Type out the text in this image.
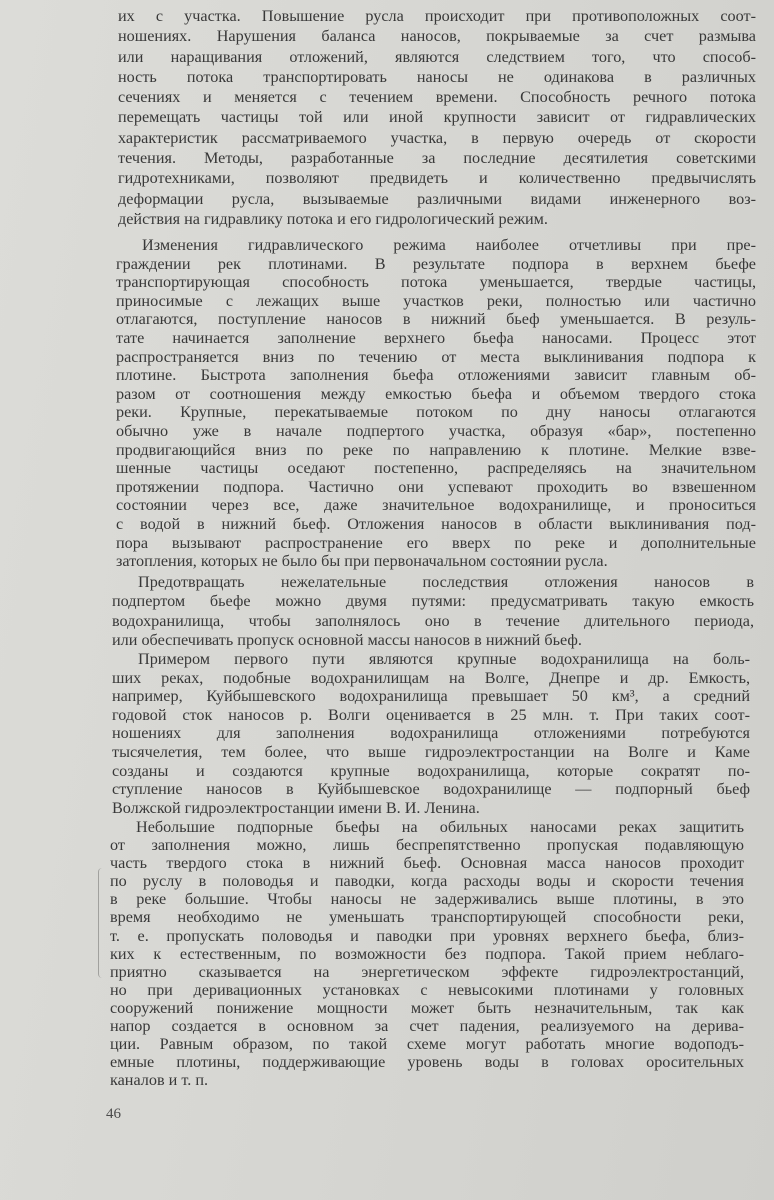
их с участка. Повышение русла происходит при противоположных соот-
ношениях. Нарушения баланса наносов, покрываемые за счет размыва
или наращивания отложений, являются следствием того, что способ-
ность потока транспортировать наносы не одинакова в различных
сечениях и меняется с течением времени. Способность речного потока
перемещать частицы той или иной крупности зависит от гидравлических
характеристик рассматриваемого участка, в первую очередь от скорости
течения. Методы, разработанные за последние десятилетия советскими
гидротехниками, позволяют предвидеть и количественно предвычислять
деформации русла, вызываемые различными видами инженерного воз-
действия на гидравлику потока и его гидрологический режим.
Изменения гидравлического режима наиболее отчетливы при пре-
граждении рек плотинами. В результате подпора в верхнем бьефе
транспортирующая способность потока уменьшается, твердые частицы,
приносимые с лежащих выше участков реки, полностью или частично
отлагаются, поступление наносов в нижний бьеф уменьшается. В резуль-
тате начинается заполнение верхнего бьефа наносами. Процесс этот
распространяется вниз по течению от места выклинивания подпора к
плотине. Быстрота заполнения бьефа отложениями зависит главным об-
разом от соотношения между емкостью бьефа и объемом твердого стока
реки. Крупные, перекатываемые потоком по дну наносы отлагаются
обычно уже в начале подпертого участка, образуя «бар», постепенно
продвигающийся вниз по реке по направлению к плотине. Мелкие взве-
шенные частицы оседают постепенно, распределяясь на значительном
протяжении подпора. Частично они успевают проходить во взвешенном
состоянии через все, даже значительное водохранилище, и проноситься
с водой в нижний бьеф. Отложения наносов в области выклинивания под-
пора вызывают распространение его вверх по реке и дополнительные
затопления, которых не было бы при первоначальном состоянии русла.
Предотвращать нежелательные последствия отложения наносов в
подпертом бьефе можно двумя путями: предусматривать такую емкость
водохранилища, чтобы заполнялось оно в течение длительного периода,
или обеспечивать пропуск основной массы наносов в нижний бьеф.
Примером первого пути являются крупные водохранилища на боль-
ших реках, подобные водохранилищам на Волге, Днепре и др. Емкость,
например, Куйбышевского водохранилища превышает 50 км³, а средний
годовой сток наносов р. Волги оценивается в 25 млн. т. При таких соот-
ношениях для заполнения водохранилища отложениями потребуются
тысячелетия, тем более, что выше гидроэлектростанции на Волге и Каме
созданы и создаются крупные водохранилища, которые сократят по-
ступление наносов в Куйбышевское водохранилище — подпорный бьеф
Волжской гидроэлектростанции имени В. И. Ленина.
Небольшие подпорные бьефы на обильных наносами реках защитить
от заполнения можно, лишь беспрепятственно пропуская подавляющую
часть твердого стока в нижний бьеф. Основная масса наносов проходит
по руслу в половодья и паводки, когда расходы воды и скорости течения
в реке большие. Чтобы наносы не задерживались выше плотины, в это
время необходимо не уменьшать транспортирующей способности реки,
т. е. пропускать половодья и паводки при уровнях верхнего бьефа, близ-
ких к естественным, по возможности без подпора. Такой прием неблаго-
приятно сказывается на энергетическом эффекте гидроэлектростанций,
но при деривационных установках с невысокими плотинами у головных
сооружений понижение мощности может быть незначительным, так как
напор создается в основном за счет падения, реализуемого на дерива-
ции. Равным образом, по такой схеме могут работать многие водоподъ-
емные плотины, поддерживающие уровень воды в головах оросительных
каналов и т. п.
46
